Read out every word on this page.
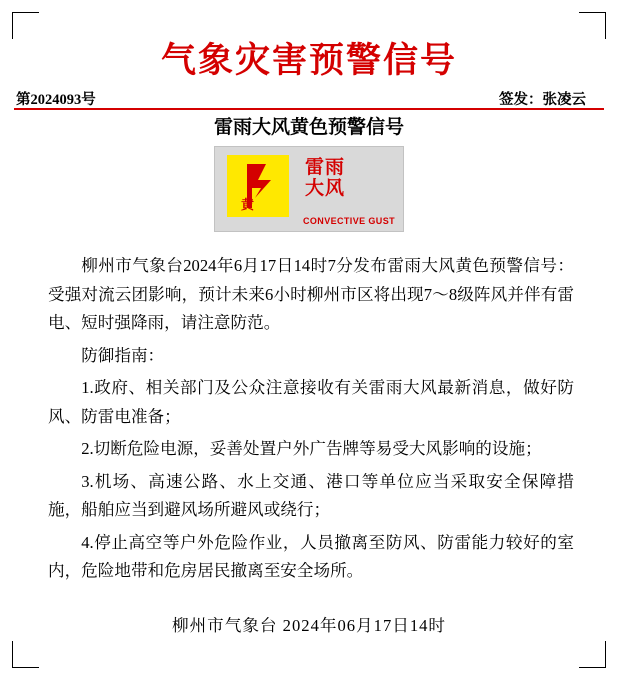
气象灾害预警信号
第2024093号	签发：张凌云
雷雨大风黄色预警信号
黄
雷雨
大风
CONVECTIVE GUST

柳州市气象台2024年6月17日14时7分发布雷雨大风黄色预警信号：受强对流云团影响，预计未来6小时柳州市区将出现7～8级阵风并伴有雷电、短时强降雨，请注意防范。

防御指南：

1.政府、相关部门及公众注意接收有关雷雨大风最新消息，做好防风、防雷电准备；

2.切断危险电源，妥善处置户外广告牌等易受大风影响的设施；

3.机场、高速公路、水上交通、港口等单位应当采取安全保障措施，船舶应当到避风场所避风或绕行；

4.停止高空等户外危险作业，人员撤离至防风、防雷能力较好的室内，危险地带和危房居民撤离至安全场所。

柳州市气象台 2024年06月17日14时
